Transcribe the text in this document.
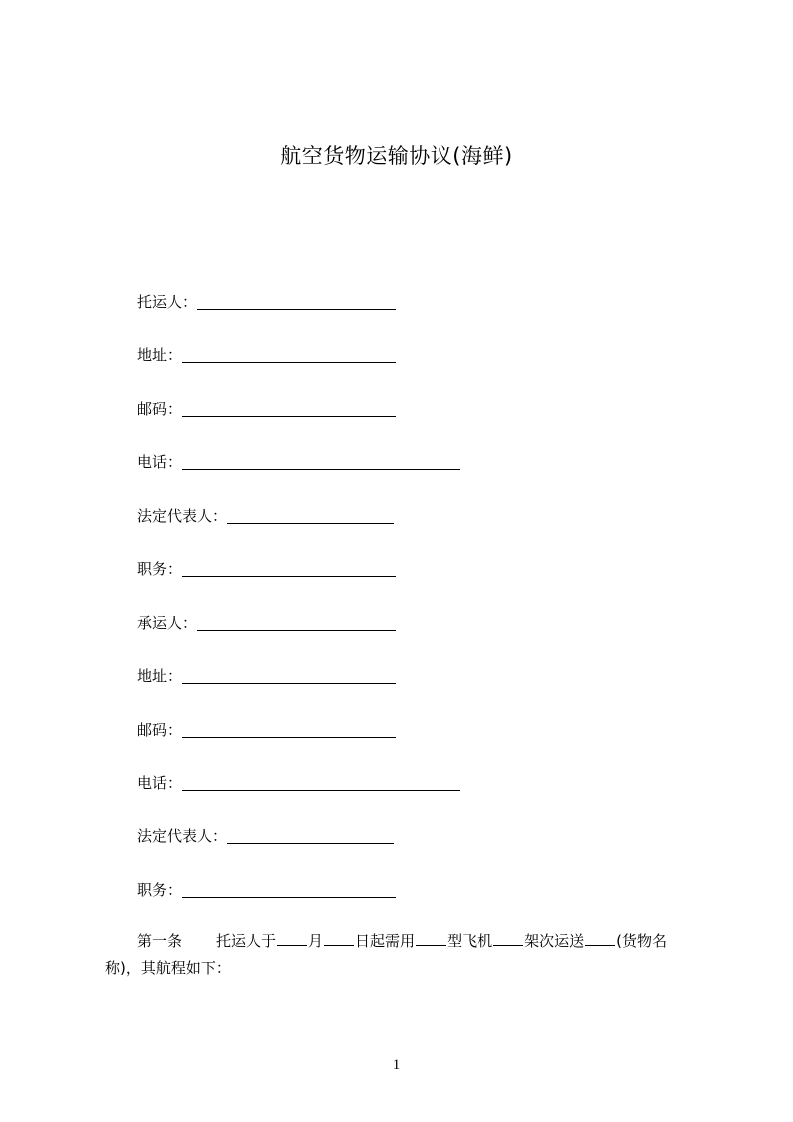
航空货物运输协议(海鲜)
托运人：
地址：
邮码：
电话：
法定代表人：
职务：
承运人：
地址：
邮码：
电话：
法定代表人：
职务：
第一条 托运人于 月 日起需用 型飞机 架次运送 (货物名
称)，其航程如下：
1
